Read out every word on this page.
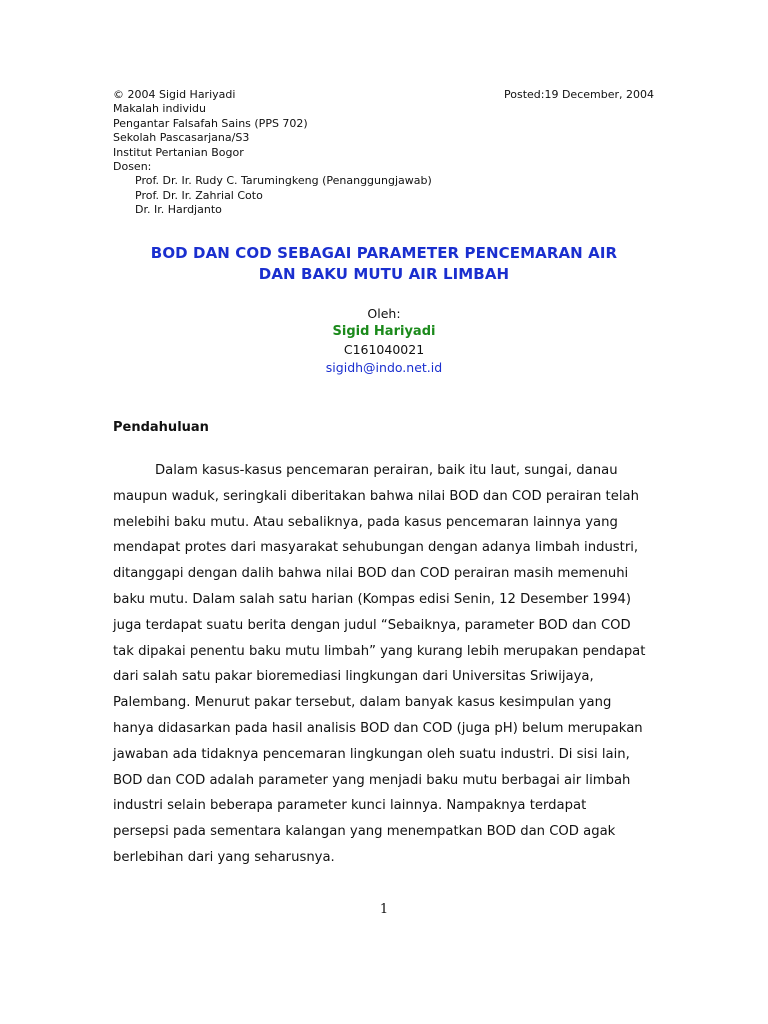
© 2004 Sigid Hariyadi
Makalah individu
Pengantar Falsafah Sains (PPS 702)
Sekolah Pascasarjana/S3
Institut Pertanian Bogor
Dosen:
Prof. Dr. Ir. Rudy C. Tarumingkeng (Penanggungjawab)
Prof. Dr. Ir. Zahrial Coto
Dr. Ir. Hardjanto
Posted:19 December, 2004
BOD DAN COD SEBAGAI PARAMETER PENCEMARAN AIR
DAN BAKU MUTU AIR LIMBAH
Oleh:
Sigid Hariyadi
C161040021
sigidh@indo.net.id
Pendahuluan
Dalam kasus-kasus pencemaran perairan, baik itu laut, sungai, danau
maupun waduk, seringkali diberitakan bahwa nilai BOD dan COD perairan telah
melebihi baku mutu. Atau sebaliknya, pada kasus pencemaran lainnya yang
mendapat protes dari masyarakat sehubungan dengan adanya limbah industri,
ditanggapi dengan dalih bahwa nilai BOD dan COD perairan masih memenuhi
baku mutu. Dalam salah satu harian (Kompas edisi Senin, 12 Desember 1994)
juga terdapat suatu berita dengan judul “Sebaiknya, parameter BOD dan COD
tak dipakai penentu baku mutu limbah” yang kurang lebih merupakan pendapat
dari salah satu pakar bioremediasi lingkungan dari Universitas Sriwijaya,
Palembang. Menurut pakar tersebut, dalam banyak kasus kesimpulan yang
hanya didasarkan pada hasil analisis BOD dan COD (juga pH) belum merupakan
jawaban ada tidaknya pencemaran lingkungan oleh suatu industri. Di sisi lain,
BOD dan COD adalah parameter yang menjadi baku mutu berbagai air limbah
industri selain beberapa parameter kunci lainnya. Nampaknya terdapat
persepsi pada sementara kalangan yang menempatkan BOD dan COD agak
berlebihan dari yang seharusnya.
1
